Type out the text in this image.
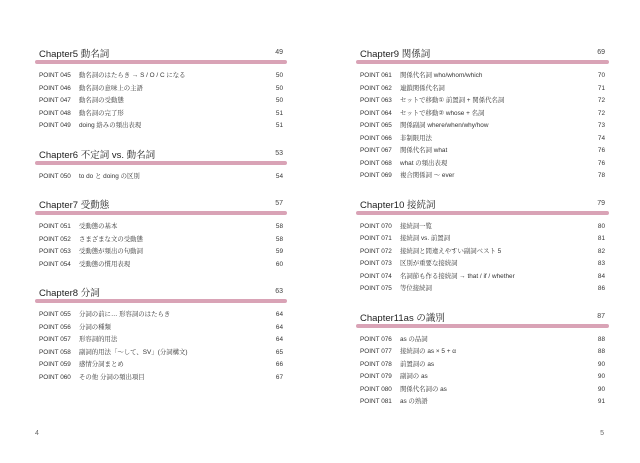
Chapter5 動名詞	49
POINT 045 動名詞のはたらき → S / O / C になる	50
POINT 046 動名詞の意味上の主語	50
POINT 047 動名詞の受動態	50
POINT 048 動名詞の完了形	51
POINT 049 doing 絡みの頻出表現	51
Chapter6 不定詞 vs. 動名詞	53
POINT 050 to do と doing の区別	54
Chapter7 受動態	57
POINT 051 受動態の基本	58
POINT 052 さまざまな文の受動態	58
POINT 053 受動態が頻出の句動詞	59
POINT 054 受動態の慣用表現	60
Chapter8 分詞	63
POINT 055 分詞の前に… 形容詞のはたらき	64
POINT 056 分詞の種類	64
POINT 057 形容詞的用法	64
POINT 058 副詞的用法「〜して、SV」(分詞構文)	65
POINT 059 感情分詞まとめ	66
POINT 060 その他 分詞の頻出項目	67
4
Chapter9 関係詞	69
POINT 061 関係代名詞 who/whom/which	70
POINT 062 連鎖関係代名詞	71
POINT 063 セットで移動① 前置詞 + 関係代名詞	72
POINT 064 セットで移動② whose + 名詞	72
POINT 065 関係副詞 where/when/why/how	73
POINT 066 非制限用法	74
POINT 067 関係代名詞 what	76
POINT 068 what の頻出表現	76
POINT 069 複合関係詞 〜 ever	78
Chapter10 接続詞	79
POINT 070 接続詞一覧	80
POINT 071 接続詞 vs. 前置詞	81
POINT 072 接続詞と間違えやすい副詞ベスト 5	82
POINT 073 区別が重要な接続詞	83
POINT 074 名詞節も作る接続詞 → that / if / whether	84
POINT 075 等位接続詞	86
Chapter11as の識別	87
POINT 076 as の品詞	88
POINT 077 接続詞の as × 5 + α	88
POINT 078 前置詞の as	90
POINT 079 副詞の as	90
POINT 080 関係代名詞の as	90
POINT 081 as の熟語	91
5
